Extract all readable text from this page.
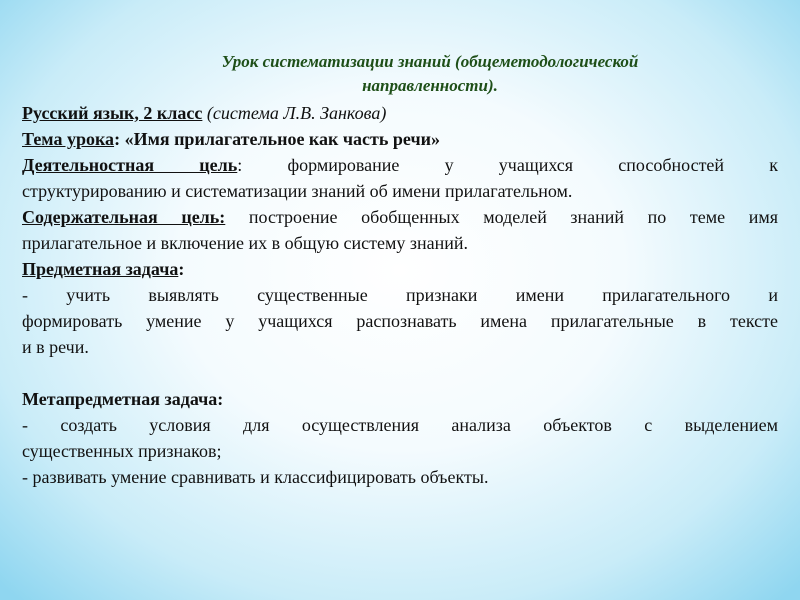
Урок систематизации знаний (общеметодологической
направленности).

Русский язык, 2 класс (система Л.В. Занкова)

Тема урока: «Имя прилагательное как часть речи»

Деятельностная цель: формирование у учащихся способностей к

структурированию и систематизации знаний об имени прилагательном.

Содержательная цель: построение обобщенных моделей знаний по теме имя

прилагательное и включение их в общую систему знаний.

Предметная задача:

- учить выявлять существенные признаки имени прилагательного и

формировать умение у учащихся распознавать имена прилагательные в тексте

и в речи.

Метапредметная задача:

- создать условия для осуществления анализа объектов с выделением

существенных признаков;

- развивать умение сравнивать и классифицировать объекты.
